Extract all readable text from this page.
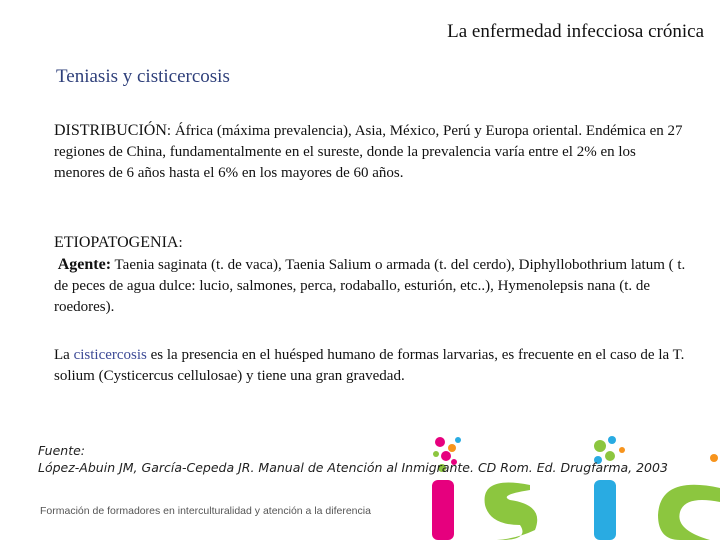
La enfermedad infecciosa crónica
Teniasis y cisticercosis
DISTRIBUCIÓN: África (máxima prevalencia), Asia, México, Perú y Europa oriental. Endémica en 27 regiones de China, fundamentalmente en el sureste, donde la prevalencia varía entre el 2% en los menores de 6 años hasta el 6% en los mayores de 60 años.
ETIOPATOGENIA:
Agente: Taenia saginata (t. de vaca), Taenia Salium o armada (t. del cerdo), Diphyllobothrium latum ( t. de peces de agua dulce: lucio, salmones, perca, rodaballo, esturión, etc..), Hymenolepsis nana (t. de roedores).
La cisticercosis es la presencia en el huésped humano de formas larvarias, es frecuente en el caso de la T. solium (Cysticercus cellulosae) y tiene una gran gravedad.
Fuente:
López-Abuin JM, García-Cepeda JR. Manual de Atención al Inmigrante. CD Rom. Ed. Drugfarma, 2003
Formación de formadores en interculturalidad y atención a la diferencia
